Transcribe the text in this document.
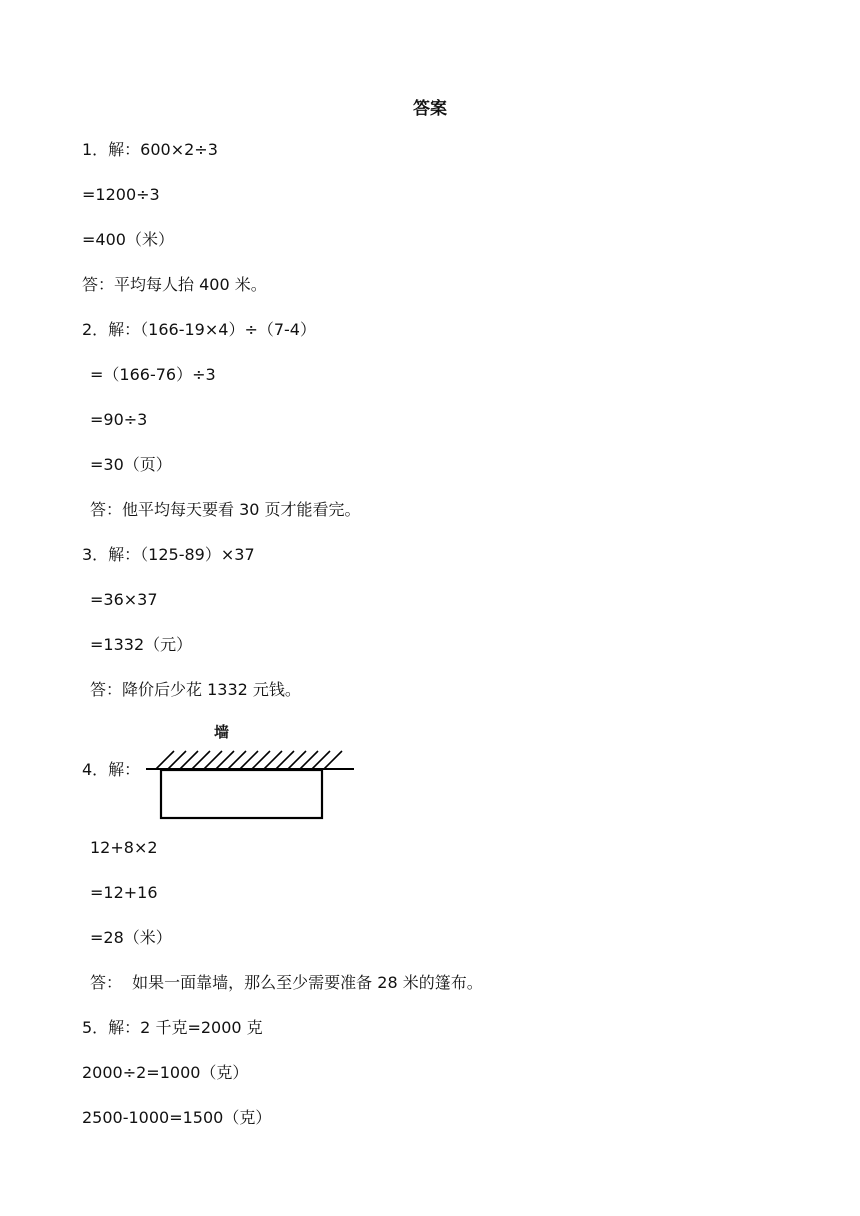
答案
1．解：600×2÷3
=1200÷3
=400（米）
答：平均每人抬 400 米。
2．解：（166-19×4）÷（7-4）
=（166-76）÷3
=90÷3
=30（页）
答：他平均每天要看 30 页才能看完。
3．解：（125-89）×37
=36×37
=1332（元）
答：降价后少花 1332 元钱。
4．解：
墙
12+8×2
=12+16
=28（米）
答：  如果一面靠墙，那么至少需要准备 28 米的篷布。
5．解：2 千克=2000 克
2000÷2=1000（克）
2500-1000=1500（克）
